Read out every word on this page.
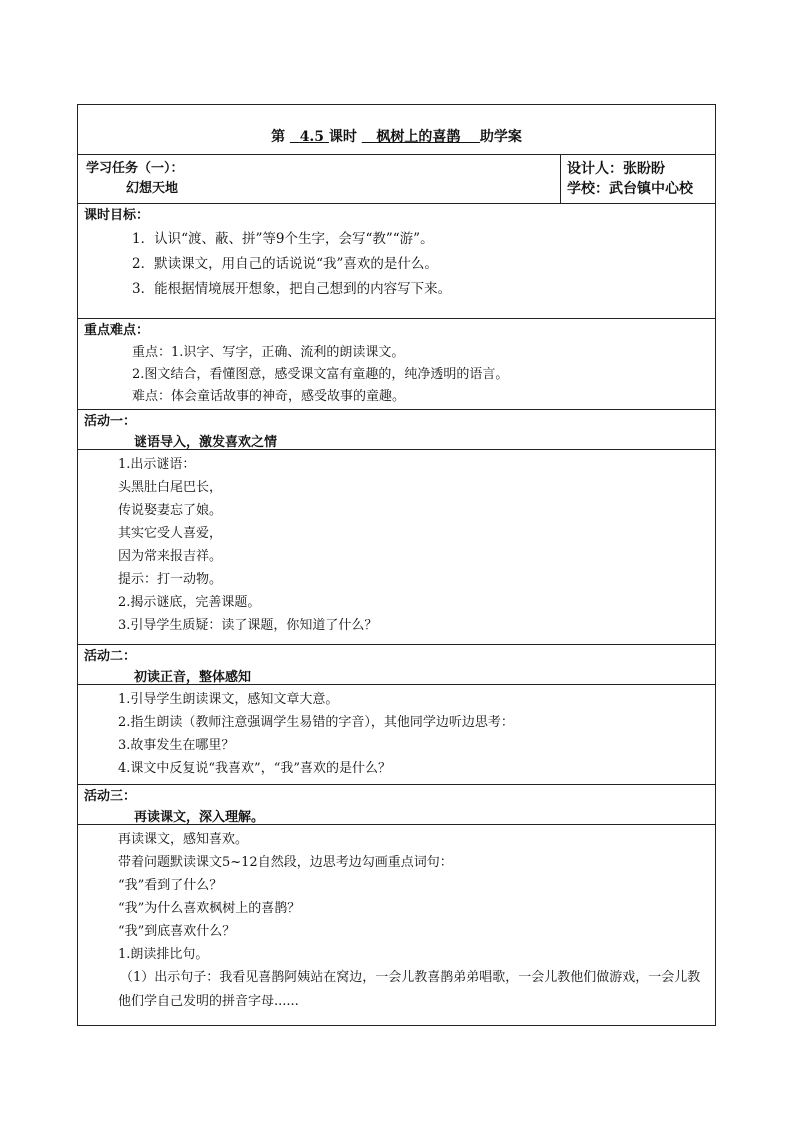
第 4.5 课时 枫树上的喜鹊 助学案
学习任务（一）：
幻想天地
设计人：张盼盼
学校：武台镇中心校
课时目标：
1．认识“渡、蔽、拼”等9个生字，会写“教”“游”。
2．默读课文，用自己的话说说“我”喜欢的是什么。
3．能根据情境展开想象，把自己想到的内容写下来。
重点难点：
重点：1.识字、写字，正确、流利的朗读课文。
2.图文结合，看懂图意，感受课文富有童趣的，纯净透明的语言。
难点：体会童话故事的神奇，感受故事的童趣。
活动一：
谜语导入，激发喜欢之情
1.出示谜语：
头黑肚白尾巴长，
传说娶妻忘了娘。
其实它受人喜爱，
因为常来报吉祥。
提示：打一动物。
2.揭示谜底，完善课题。
3.引导学生质疑：读了课题，你知道了什么？
活动二：
初读正音，整体感知
1.引导学生朗读课文，感知文章大意。
2.指生朗读（教师注意强调学生易错的字音），其他同学边听边思考：
3.故事发生在哪里？
4.课文中反复说“我喜欢”，“我”喜欢的是什么？
活动三：
再读课文，深入理解。
再读课文，感知喜欢。
带着问题默读课文5~12自然段，边思考边勾画重点词句：
“我”看到了什么？
“我”为什么喜欢枫树上的喜鹊？
“我”到底喜欢什么？
1.朗读排比句。
（1）出示句子：我看见喜鹊阿姨站在窝边，一会儿教喜鹊弟弟唱歌，一会儿教他们做游戏，一会儿教他们学自己发明的拼音字母......
